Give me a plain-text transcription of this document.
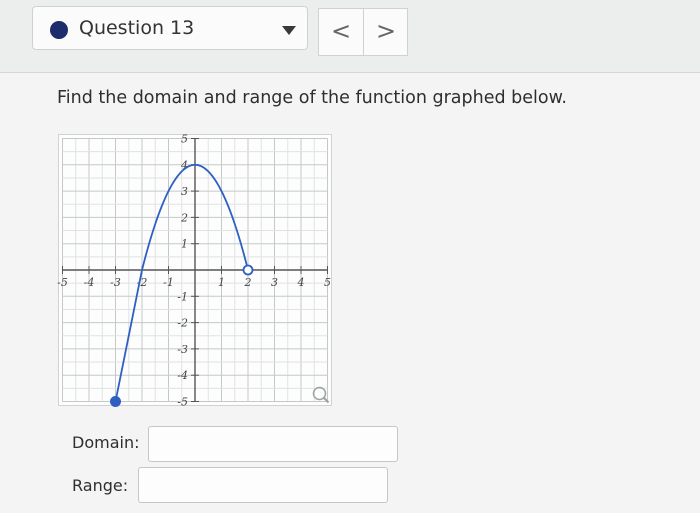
Question 13	<	>
Find the domain and range of the function graphed below.
-5 -4 -3 -2 -1	1 2 3 4 5
5
4
3
2
1
-1
-2
-3
-4
-5
Domain:
Range:
